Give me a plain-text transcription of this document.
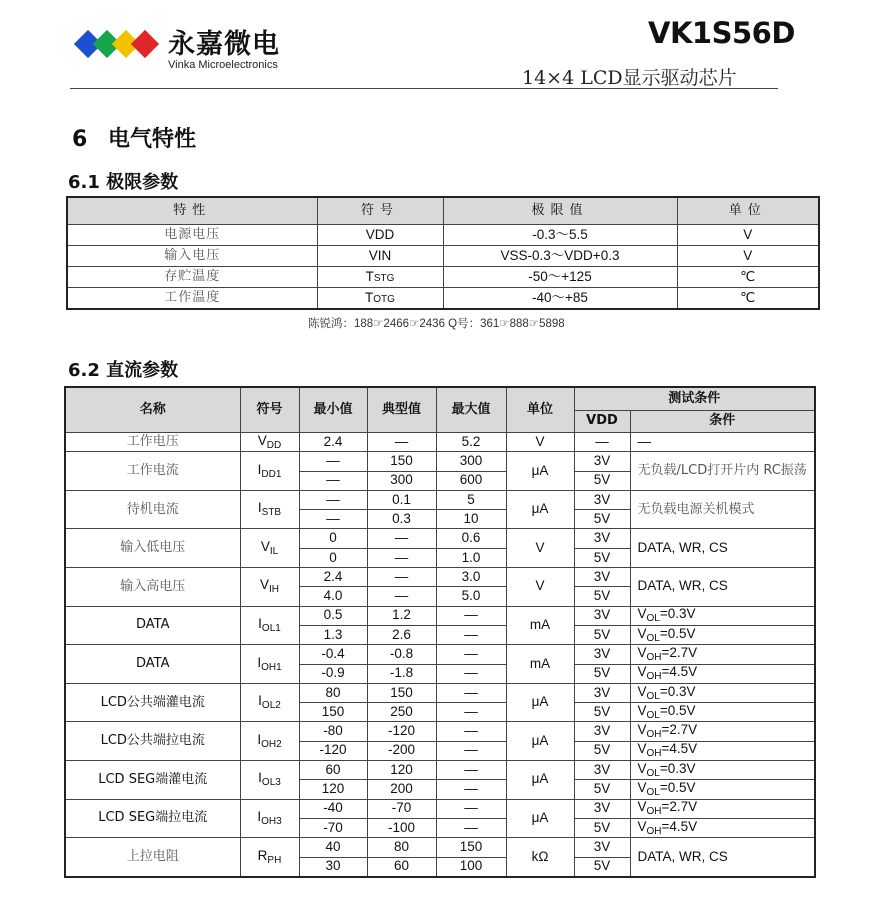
永嘉微电
Vinka Microelectronics
VK1S56D
14×4 LCD显示驱动芯片
6 电气特性
6.1 极限参数
特性	符号	极限值	单位
电源电压	VDD	-0.3～5.5	V
输入电压	VIN	VSS-0.3～VDD+0.3	V
存贮温度	TSTG	-50～+125	℃
工作温度	TOTG	-40～+85	℃
陈锐鸿：188☞2466☞2436 Q号：361☞888☞5898
6.2 直流参数
名称	符号	最小值	典型值	最大值	单位	测试条件	
						VDD	条件
工作电压	$V_{DD}$	2.4	—	5.2	V	—	—
工作电流	$I_{DD1}$	—	150	300	μA	3V	无负载/LCD打开片内 RC振荡
		—	300	600		5V	
待机电流	$I_{STB}$	—	0.1	5	μA	3V	无负载电源关机模式
		—	0.3	10		5V	
输入低电压	$V_{IL}$	0	—	0.6	V	3V	DATA, WR, CS
		0	—	1.0		5V	
输入高电压	$V_{IH}$	2.4	—	3.0	V	3V	DATA, WR, CS
		4.0	—	5.0		5V	
DATA	$I_{OL1}$	0.5	1.2	—	mA	3V	$V_{OL}=0.3V$
		1.3	2.6	—		5V	$V_{OL}=0.5V$
DATA	$I_{OH1}$	-0.4	-0.8	—	mA	3V	$V_{OH}=2.7V$
		-0.9	-1.8	—		5V	$V_{OH}=4.5V$
LCD公共端灌电流	$I_{OL2}$	80	150	—	μA	3V	$V_{OL}=0.3V$
		150	250	—		5V	$V_{OL}=0.5V$
LCD公共端拉电流	$I_{OH2}$	-80	-120	—	μA	3V	$V_{OH}=2.7V$
		-120	-200	—		5V	$V_{OH}=4.5V$
LCD SEG端灌电流	$I_{OL3}$	60	120	—	μA	3V	$V_{OL}=0.3V$
		120	200	—		5V	$V_{OL}=0.5V$
LCD SEG端拉电流	$I_{OH3}$	-40	-70	—	μA	3V	$V_{OH}=2.7V$
		-70	-100	—		5V	$V_{OH}=4.5V$
上拉电阻	$R_{PH}$	40	80	150	kΩ	3V	DATA, WR, CS
		30	60	100		5V	
